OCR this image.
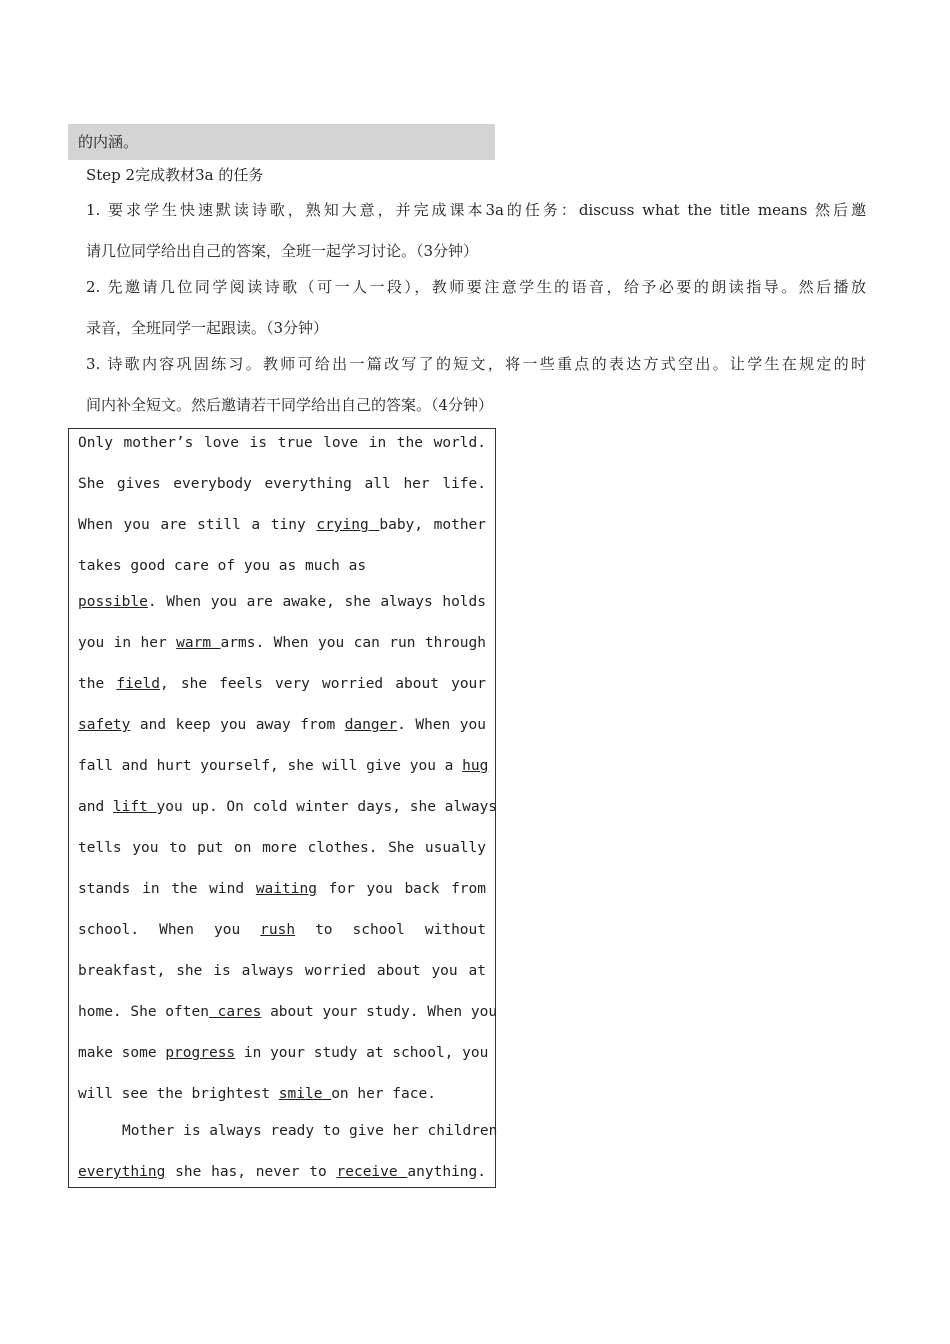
的内涵。
Step 2完成教材3a 的任务
1. 要求学生快速默读诗歌，熟知大意，并完成课本3a的任务：discuss what the title means 然后邀
请几位同学给出自己的答案，全班一起学习讨论。（3分钟）
2. 先邀请几位同学阅读诗歌（可一人一段），教师要注意学生的语音，给予必要的朗读指导。然后播放
录音，全班同学一起跟读。（3分钟）
3. 诗歌内容巩固练习。教师可给出一篇改写了的短文，将一些重点的表达方式空出。让学生在规定的时
间内补全短文。然后邀请若干同学给出自己的答案。（4分钟）
Only mother’s love is true love in the world.
She gives everybody everything all her life.
When you are still a tiny crying baby, mother
takes good care of you as much as
possible. When you are awake, she always holds
you in her warm arms. When you can run through
the field, she feels very worried about your
safety and keep you away from danger. When you
fall and hurt yourself, she will give you a hug
and lift you up. On cold winter days, she always
tells you to put on more clothes. She usually
stands in the wind waiting for you back from
school. When you rush to school without
breakfast, she is always worried about you at
home. She often cares about your study. When you
make some progress in your study at school, you
will see the brightest smile on her face.
Mother is always ready to give her children
everything she has, never to receive anything.
